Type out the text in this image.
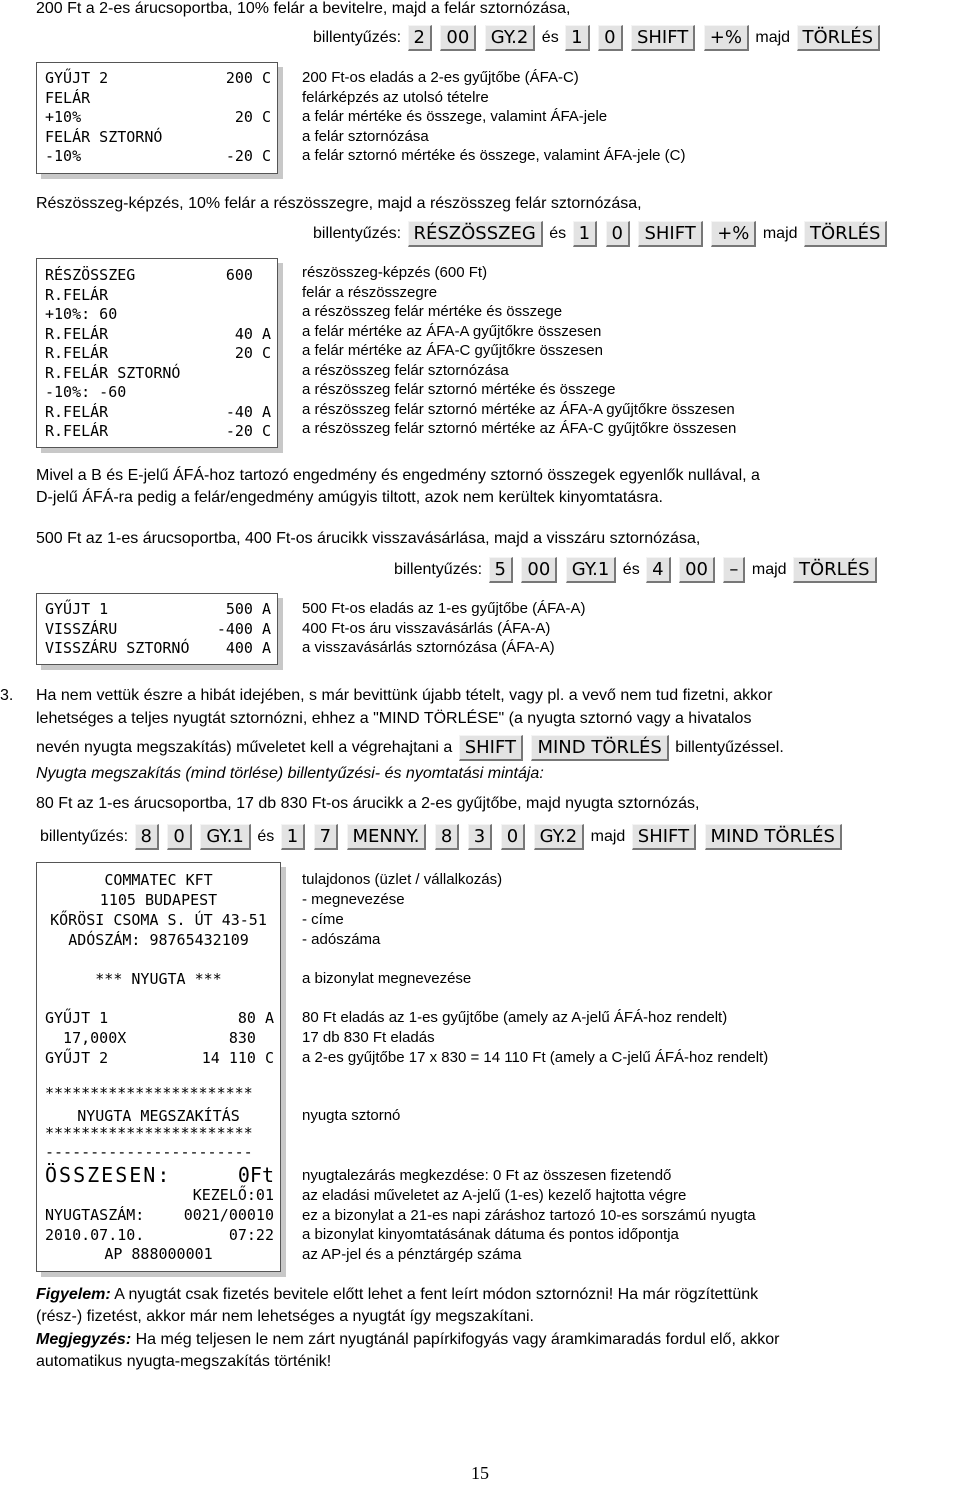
200 Ft a 2-es árucsoportba, 10% felár a bevitelre, majd a felár sztornózása,
billentyűzés: 2 00 GY.2 és 1 0 SHIFT +% majd TÖRLÉS
GYŰJT 2	200 C
FELÁR
+10%	20 C
FELÁR SZTORNÓ
-10%	-20 C
200 Ft-os eladás a 2-es gyűjtőbe (ÁFA-C)
felárképzés az utolsó tételre
a felár mértéke és összege, valamint ÁFA-jele
a felár sztornózása
a felár sztornó mértéke és összege, valamint ÁFA-jele (C)
Részösszeg-képzés, 10% felár a részösszegre, majd a részösszeg felár sztornózása,
billentyűzés: RÉSZÖSSZEG és 1 0 SHIFT +% majd TÖRLÉS
RÉSZÖSSZEG	600
R.FELÁR
+10%: 60
R.FELÁR	40 A
R.FELÁR	20 C
R.FELÁR SZTORNÓ
-10%: -60
R.FELÁR	-40 A
R.FELÁR	-20 C
részösszeg-képzés (600 Ft)
felár a részösszegre
a részösszeg felár mértéke és összege
a felár mértéke az ÁFA-A gyűjtőkre összesen
a felár mértéke az ÁFA-C gyűjtőkre összesen
a részösszeg felár sztornózása
a részösszeg felár sztornó mértéke és összege
a részösszeg felár sztornó mértéke az ÁFA-A gyűjtőkre összesen
a részösszeg felár sztornó mértéke az ÁFA-C gyűjtőkre összesen
Mivel a B és E-jelű ÁFÁ-hoz tartozó engedmény és engedmény sztornó összegek egyenlők nullával, a
D-jelű ÁFÁ-ra pedig a felár/engedmény amúgyis tiltott, azok nem kerültek kinyomtatásra.
500 Ft az 1-es árucsoportba, 400 Ft-os árucikk visszavásárlása, majd a visszáru sztornózása,
billentyűzés: 5 00 GY.1 és 4 00 – majd TÖRLÉS
GYŰJT 1	500 A
VISSZÁRU	-400 A
VISSZÁRU SZTORNÓ 400 A
500 Ft-os eladás az 1-es gyűjtőbe (ÁFA-A)
400 Ft-os áru visszavásárlás (ÁFA-A)
a visszavásárlás sztornózása (ÁFA-A)
3. Ha nem vettük észre a hibát idejében, s már bevittünk újabb tételt, vagy pl. a vevő nem tud fizetni, akkor
lehetséges a teljes nyugtát sztornózni, ehhez a "MIND TÖRLÉSE" (a nyugta sztornó vagy a hivatalos
nevén nyugta megszakítás) műveletet kell a végrehajtani a SHIFT MIND TÖRLÉS billentyűzéssel.
Nyugta megszakítás (mind törlése) billentyűzési- és nyomtatási mintája:
80 Ft az 1-es árucsoportba, 17 db 830 Ft-os árucikk a 2-es gyűjtőbe, majd nyugta sztornózás,
billentyűzés: 8 0 GY.1 és 1 7 MENNY. 8 3 0 GY.2 majd SHIFT MIND TÖRLÉS
COMMATEC KFT
1105 BUDAPEST
KŐRÖSI CSOMA S. ÚT 43-51
ADÓSZÁM: 98765432109
*** NYUGTA ***
GYŰJT 1	80 A
17,000X	830
GYŰJT 2	14 110 C
***********************
NYUGTA MEGSZAKÍTÁS
***********************
-----------------------
ÖSSZESEN:	0Ft
KEZELŐ:01
NYUGTASZÁM:	0021/00010
2010.07.10.	07:22
AP 888000001
tulajdonos (üzlet / vállalkozás)
- megnevezése
- címe
- adószáma
a bizonylat megnevezése
80 Ft eladás az 1-es gyűjtőbe (amely az A-jelű ÁFÁ-hoz rendelt)
17 db 830 Ft eladás
a 2-es gyűjtőbe 17 x 830 = 14 110 Ft (amely a C-jelű ÁFÁ-hoz rendelt)
nyugta sztornó
nyugtalezárás megkezdése: 0 Ft az összesen fizetendő
az eladási műveletet az A-jelű (1-es) kezelő hajtotta végre
ez a bizonylat a 21-es napi záráshoz tartozó 10-es sorszámú nyugta
a bizonylat kinyomtatásának dátuma és pontos időpontja
az AP-jel és a pénztárgép száma
Figyelem: A nyugtát csak fizetés bevitele előtt lehet a fent leírt módon sztornózni! Ha már rögzítettünk
(rész-) fizetést, akkor már nem lehetséges a nyugtát így megszakítani.
Megjegyzés: Ha még teljesen le nem zárt nyugtánál papírkifogyás vagy áramkimaradás fordul elő, akkor
automatikus nyugta-megszakítás történik!
15
